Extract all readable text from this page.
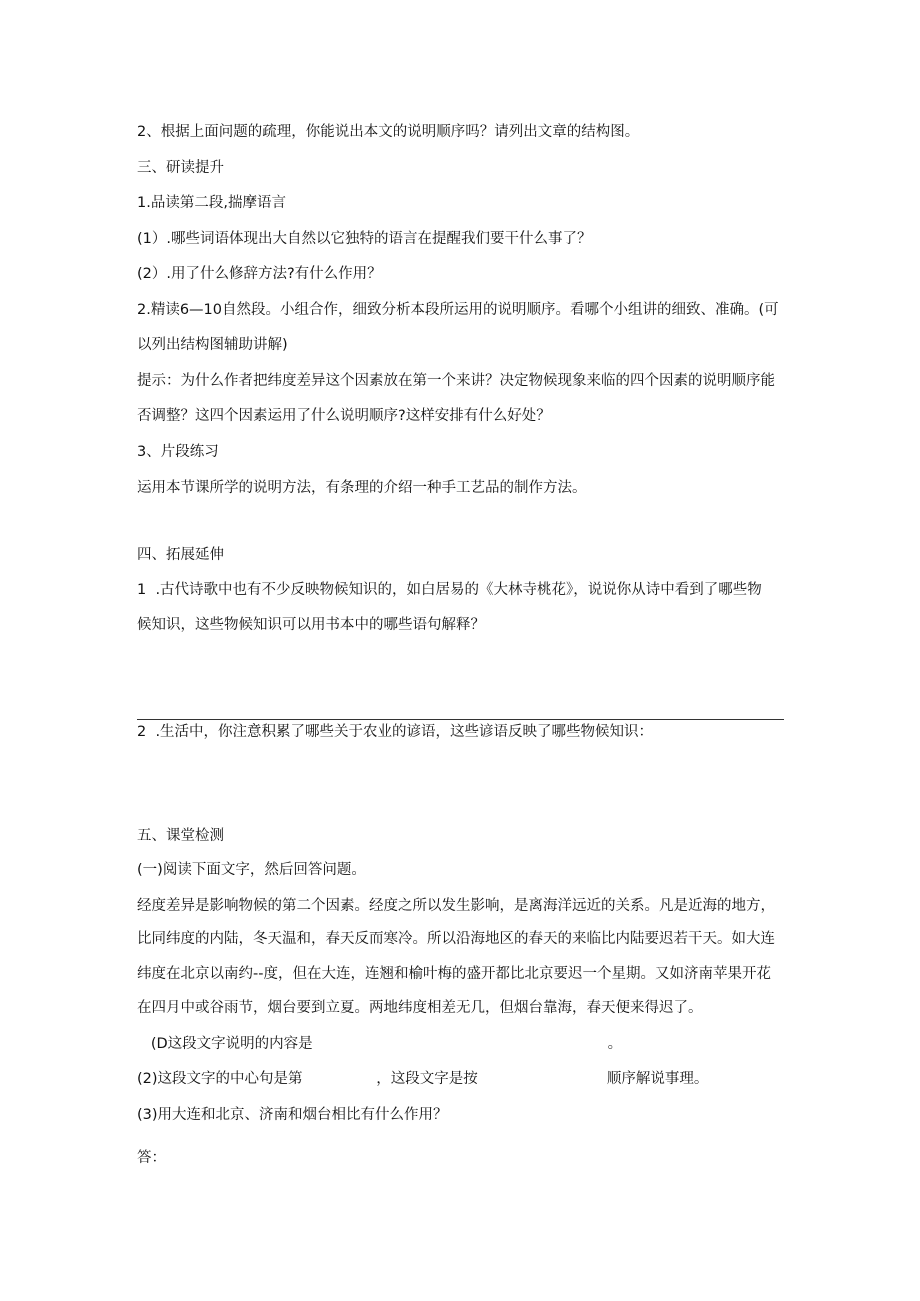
2、根据上面问题的疏理，你能说出本文的说明顺序吗？请列出文章的结构图。
三、研读提升
1.品读第二段,揣摩语言
(1）.哪些词语体现出大自然以它独特的语言在提醒我们要干什么事了？
(2）.用了什么修辞方法?有什么作用？
2.精读6—10自然段。小组合作，细致分析本段所运用的说明顺序。看哪个小组讲的细致、准确。(可
以列出结构图辅助讲解)
提示：为什么作者把纬度差异这个因素放在第一个来讲？决定物候现象来临的四个因素的说明顺序能
否调整？这四个因素运用了什么说明顺序?这样安排有什么好处？
3、片段练习
运用本节课所学的说明方法，有条理的介绍一种手工艺品的制作方法。
四、拓展延伸
1  .古代诗歌中也有不少反映物候知识的，如白居易的《大林寺桃花》，说说你从诗中看到了哪些物
候知识，这些物候知识可以用书本中的哪些语句解释？
2  .生活中，你注意积累了哪些关于农业的谚语，这些谚语反映了哪些物候知识：
五、课堂检测
(一)阅读下面文字，然后回答问题。
经度差异是影响物候的第二个因素。经度之所以发生影响，是离海洋远近的关系。凡是近海的地方，
比同纬度的内陆，冬天温和，春天反而寒冷。所以沿海地区的春天的来临比内陆要迟若干天。如大连
纬度在北京以南约--度，但在大连，连翘和榆叶梅的盛开都比北京要迟一个星期。又如济南苹果开花
在四月中或谷雨节，烟台要到立夏。两地纬度相差无几，但烟台靠海，春天便来得迟了。
(D这段文字说明的内容是                                                                。
(2)这段文字的中心句是第                ，这段文字是按                            顺序解说事理。
(3)用大连和北京、济南和烟台相比有什么作用？
答：
